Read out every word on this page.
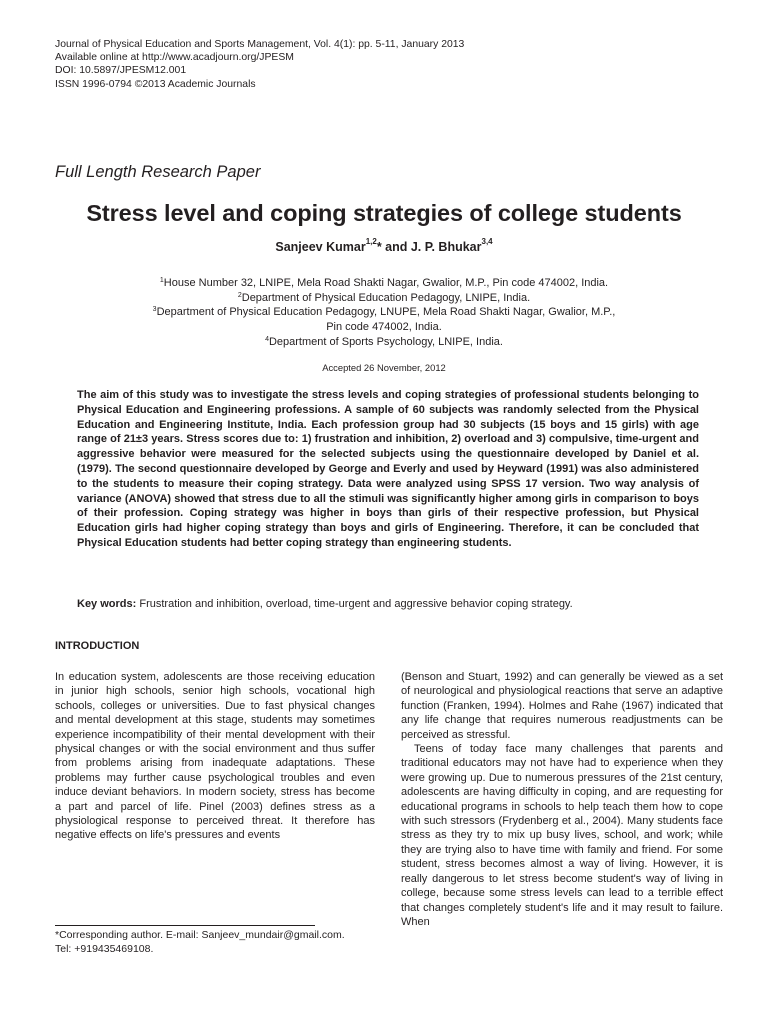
Journal of Physical Education and Sports Management, Vol. 4(1): pp. 5-11, January 2013
Available online at http://www.acadjourn.org/JPESM
DOI: 10.5897/JPESM12.001
ISSN 1996-0794 ©2013 Academic Journals
Full Length Research Paper
Stress level and coping strategies of college students
Sanjeev Kumar$^{1,2}$* and J. P. Bhukar$^{3,4}$
$^1$House Number 32, LNIPE, Mela Road Shakti Nagar, Gwalior, M.P., Pin code 474002, India.
$^2$Department of Physical Education Pedagogy, LNIPE, India.
$^3$Department of Physical Education Pedagogy, LNUPE, Mela Road Shakti Nagar, Gwalior, M.P.,
Pin code 474002, India.
$^4$Department of Sports Psychology, LNIPE, India.
Accepted 26 November, 2012
The aim of this study was to investigate the stress levels and coping strategies of professional students belonging to Physical Education and Engineering professions. A sample of 60 subjects was randomly selected from the Physical Education and Engineering Institute, India. Each profession group had 30 subjects (15 boys and 15 girls) with age range of 21±3 years. Stress scores due to: 1) frustration and inhibition, 2) overload and 3) compulsive, time-urgent and aggressive behavior were measured for the selected subjects using the questionnaire developed by Daniel et al. (1979). The second questionnaire developed by George and Everly and used by Heyward (1991) was also administered to the students to measure their coping strategy. Data were analyzed using SPSS 17 version. Two way analysis of variance (ANOVA) showed that stress due to all the stimuli was significantly higher among girls in comparison to boys of their profession. Coping strategy was higher in boys than girls of their respective profession, but Physical Education girls had higher coping strategy than boys and girls of Engineering. Therefore, it can be concluded that Physical Education students had better coping strategy than engineering students.
Key words: Frustration and inhibition, overload, time-urgent and aggressive behavior coping strategy.
INTRODUCTION

In education system, adolescents are those receiving education in junior high schools, senior high schools, vocational high schools, colleges or universities. Due to fast physical changes and mental development at this stage, students may sometimes experience incompatibility of their mental development with their physical changes or with the social environment and thus suffer from problems arising from inadequate adaptations. These problems may further cause psychological troubles and even induce deviant behaviors. In modern society, stress has become a part and parcel of life. Pinel (2003) defines stress as a physiological response to perceived threat. It therefore has negative effects on life's pressures and events

(Benson and Stuart, 1992) and can generally be viewed as a set of neurological and physiological reactions that serve an adaptive function (Franken, 1994). Holmes and Rahe (1967) indicated that any life change that requires numerous readjustments can be perceived as stressful.

Teens of today face many challenges that parents and traditional educators may not have had to experience when they were growing up. Due to numerous pressures of the 21st century, adolescents are having difficulty in coping, and are requesting for educational programs in schools to help teach them how to cope with such stressors (Frydenberg et al., 2004). Many students face stress as they try to mix up busy lives, school, and work; while they are trying also to have time with family and friend. For some student, stress becomes almost a way of living. However, it is really dangerous to let stress become student's way of living in college, because some stress levels can lead to a terrible effect that changes completely student's life and it may result to failure. When

*Corresponding author. E-mail: Sanjeev_mundair@gmail.com.
Tel: +919435469108.
